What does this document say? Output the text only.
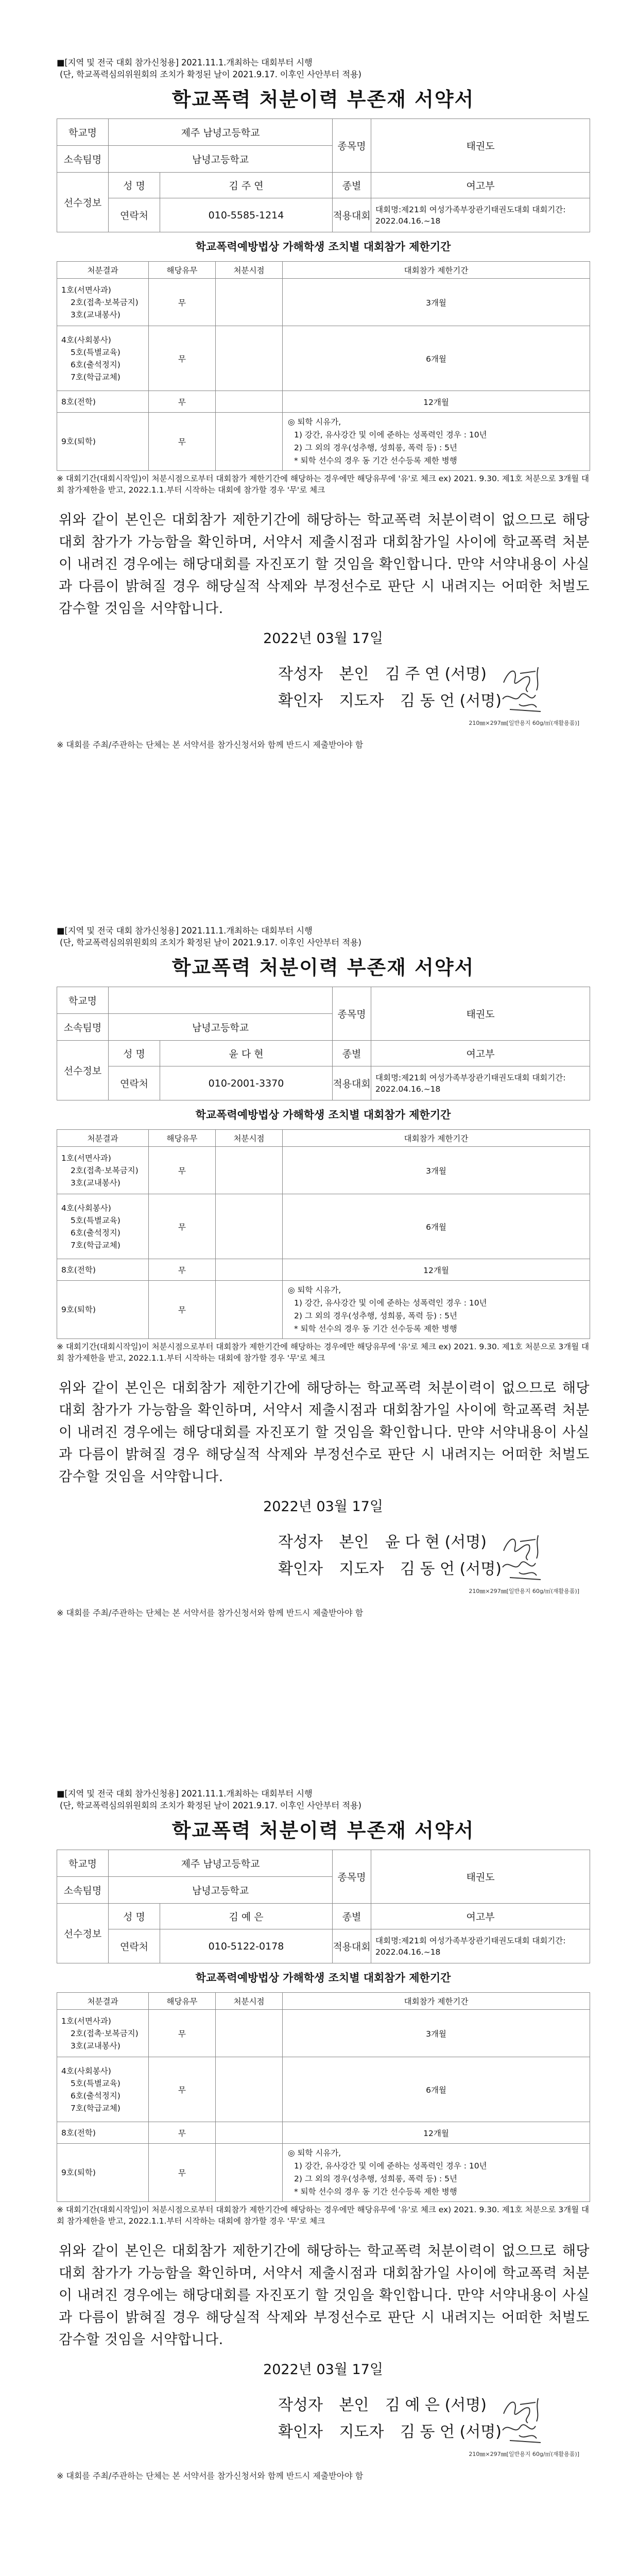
■[지역 및 전국 대회 참가신청용] 2021.11.1.개최하는 대회부터 시행
(단, 학교폭력심의위원회의 조치가 확정된 날이 2021.9.17. 이후인 사안부터 적용)
학교폭력 처분이력 부존재 서약서
학교명	제주 남녕고등학교		종목명	태권도
소속팀명	남녕고등학교			
선수정보	성 명	김 주 연	종별	여고부
	연락처	010-5585-1214	적용대회	대회명:제21회 여성가족부장관기태권도대회 대회기간: 2022.04.16.~18
학교폭력예방법상 가해학생 조치별 대회참가 제한기간
처분결과	해당유무	처분시점	대회참가 제한기간

1호(서면사과)
2호(접촉·보복금지)
3호(교내봉사)	무		3개월

4호(사회봉사)
5호(특별교육)
6호(출석정지)
7호(학급교체)	무		6개월

8호(전학)	무		12개월

9호(퇴학)	무		◎ 퇴학 시유가,
1) 강간, 유사강간 및 이에 준하는 성폭력인 경우 : 10년
2) 그 외의 경우(성추행, 성희롱, 폭력 등) : 5년
* 퇴학 선수의 경우 동 기간 선수등록 제한 병행
※ 대회기간(대회시작일)이 처분시점으로부터 대회참가 제한기간에 해당하는 경우에만 해당유무에 '유'로 체크 ex) 2021. 9.30. 제1호 처분으로 3개월 대회 참가제한을 받고, 2022.1.1.부터 시작하는 대회에 참가할 경우 '무'로 체크
위와 같이 본인은 대회참가 제한기간에 해당하는 학교폭력 처분이력이 없으므로 해당 대회 참가가 가능함을 확인하며, 서약서 제출시점과 대회참가일 사이에 학교폭력 처분이 내려진 경우에는 해당대회를 자진포기 할 것임을 확인합니다. 만약 서약내용이 사실과 다름이 밝혀질 경우 해당실적 삭제와 부정선수로 판단 시 내려지는 어떠한 처벌도 감수할 것임을 서약합니다.
2022년 03월 17일
작성자 본인 김 주 연 (서명)
확인자 지도자 김 동 언 (서명)
210㎜×297㎜[일반용지 60g/㎡(재활용품)]
※ 대회를 주최/주관하는 단체는 본 서약서를 참가신청서와 함께 반드시 제출받아야 함
■[지역 및 전국 대회 참가신청용] 2021.11.1.개최하는 대회부터 시행
(단, 학교폭력심의위원회의 조치가 확정된 날이 2021.9.17. 이후인 사안부터 적용)
학교폭력 처분이력 부존재 서약서
학교명			종목명	태권도
소속팀명	남녕고등학교			
선수정보	성 명	윤 다 현	종별	여고부
	연락처	010-2001-3370	적용대회	대회명:제21회 여성가족부장관기태권도대회 대회기간: 2022.04.16.~18
학교폭력예방법상 가해학생 조치별 대회참가 제한기간
처분결과	해당유무	처분시점	대회참가 제한기간

1호(서면사과)
2호(접촉·보복금지)
3호(교내봉사)	무		3개월

4호(사회봉사)
5호(특별교육)
6호(출석정지)
7호(학급교체)	무		6개월

8호(전학)	무		12개월

9호(퇴학)	무		◎ 퇴학 시유가,
1) 강간, 유사강간 및 이에 준하는 성폭력인 경우 : 10년
2) 그 외의 경우(성추행, 성희롱, 폭력 등) : 5년
* 퇴학 선수의 경우 동 기간 선수등록 제한 병행
※ 대회기간(대회시작일)이 처분시점으로부터 대회참가 제한기간에 해당하는 경우에만 해당유무에 '유'로 체크 ex) 2021. 9.30. 제1호 처분으로 3개월 대회 참가제한을 받고, 2022.1.1.부터 시작하는 대회에 참가할 경우 '무'로 체크
위와 같이 본인은 대회참가 제한기간에 해당하는 학교폭력 처분이력이 없으므로 해당 대회 참가가 가능함을 확인하며, 서약서 제출시점과 대회참가일 사이에 학교폭력 처분이 내려진 경우에는 해당대회를 자진포기 할 것임을 확인합니다. 만약 서약내용이 사실과 다름이 밝혀질 경우 해당실적 삭제와 부정선수로 판단 시 내려지는 어떠한 처벌도 감수할 것임을 서약합니다.
2022년 03월 17일
작성자 본인 윤 다 현 (서명)
확인자 지도자 김 동 언 (서명)
210㎜×297㎜[일반용지 60g/㎡(재활용품)]
※ 대회를 주최/주관하는 단체는 본 서약서를 참가신청서와 함께 반드시 제출받아야 함
■[지역 및 전국 대회 참가신청용] 2021.11.1.개최하는 대회부터 시행
(단, 학교폭력심의위원회의 조치가 확정된 날이 2021.9.17. 이후인 사안부터 적용)
학교폭력 처분이력 부존재 서약서
학교명	제주 남녕고등학교		종목명	태권도
소속팀명	남녕고등학교			
선수정보	성 명	김 예 은	종별	여고부
	연락처	010-5122-0178	적용대회	대회명:제21회 여성가족부장관기태권도대회 대회기간: 2022.04.16.~18
학교폭력예방법상 가해학생 조치별 대회참가 제한기간
처분결과	해당유무	처분시점	대회참가 제한기간

1호(서면사과)
2호(접촉·보복금지)
3호(교내봉사)	무		3개월

4호(사회봉사)
5호(특별교육)
6호(출석정지)
7호(학급교체)	무		6개월

8호(전학)	무		12개월

9호(퇴학)	무		◎ 퇴학 시유가,
1) 강간, 유사강간 및 이에 준하는 성폭력인 경우 : 10년
2) 그 외의 경우(성추행, 성희롱, 폭력 등) : 5년
* 퇴학 선수의 경우 동 기간 선수등록 제한 병행
※ 대회기간(대회시작일)이 처분시점으로부터 대회참가 제한기간에 해당하는 경우에만 해당유무에 '유'로 체크 ex) 2021. 9.30. 제1호 처분으로 3개월 대회 참가제한을 받고, 2022.1.1.부터 시작하는 대회에 참가할 경우 '무'로 체크
위와 같이 본인은 대회참가 제한기간에 해당하는 학교폭력 처분이력이 없으므로 해당 대회 참가가 가능함을 확인하며, 서약서 제출시점과 대회참가일 사이에 학교폭력 처분이 내려진 경우에는 해당대회를 자진포기 할 것임을 확인합니다. 만약 서약내용이 사실과 다름이 밝혀질 경우 해당실적 삭제와 부정선수로 판단 시 내려지는 어떠한 처벌도 감수할 것임을 서약합니다.
2022년 03월 17일
작성자 본인 김 예 은 (서명)
확인자 지도자 김 동 언 (서명)
210㎜×297㎜[일반용지 60g/㎡(재활용품)]
※ 대회를 주최/주관하는 단체는 본 서약서를 참가신청서와 함께 반드시 제출받아야 함
